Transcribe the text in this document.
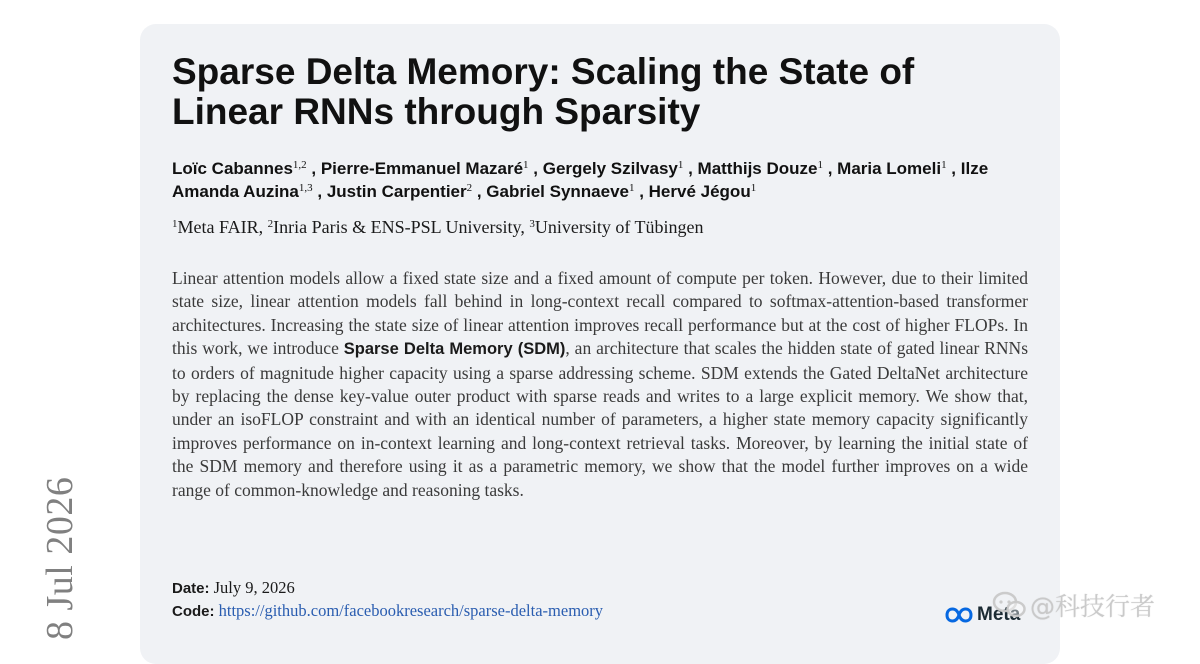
8 Jul 2026
Sparse Delta Memory: Scaling the State of Linear RNNs through Sparsity
Loïc Cabannes$^{1,2}$ , Pierre-Emmanuel Mazaré$^1$ , Gergely Szilvasy$^1$ , Matthijs Douze$^1$ , Maria Lomeli$^1$ , Ilze Amanda Auzina$^{1,3}$ , Justin Carpentier$^2$ , Gabriel Synnaeve$^1$ , Hervé Jégou$^1$
$^1$Meta FAIR, $^2$Inria Paris & ENS-PSL University, $^3$University of Tübingen

Linear attention models allow a fixed state size and a fixed amount of compute per token. However, due to their limited state size, linear attention models fall behind in long-context recall compared to softmax-attention-based transformer architectures. Increasing the state size of linear attention improves recall performance but at the cost of higher FLOPs. In this work, we introduce Sparse Delta Memory (SDM), an architecture that scales the hidden state of gated linear RNNs to orders of magnitude higher capacity using a sparse addressing scheme. SDM extends the Gated DeltaNet architecture by replacing the dense key-value outer product with sparse reads and writes to a large explicit memory. We show that, under an isoFLOP constraint and with an identical number of parameters, a higher state memory capacity significantly improves performance on in-context learning and long-context retrieval tasks. Moreover, by learning the initial state of the SDM memory and therefore using it as a parametric memory, we show that the model further improves on a wide range of common-knowledge and reasoning tasks.

Date: July 9, 2026
Code: https://github.com/facebookresearch/sparse-delta-memory	Meta @科技行者
